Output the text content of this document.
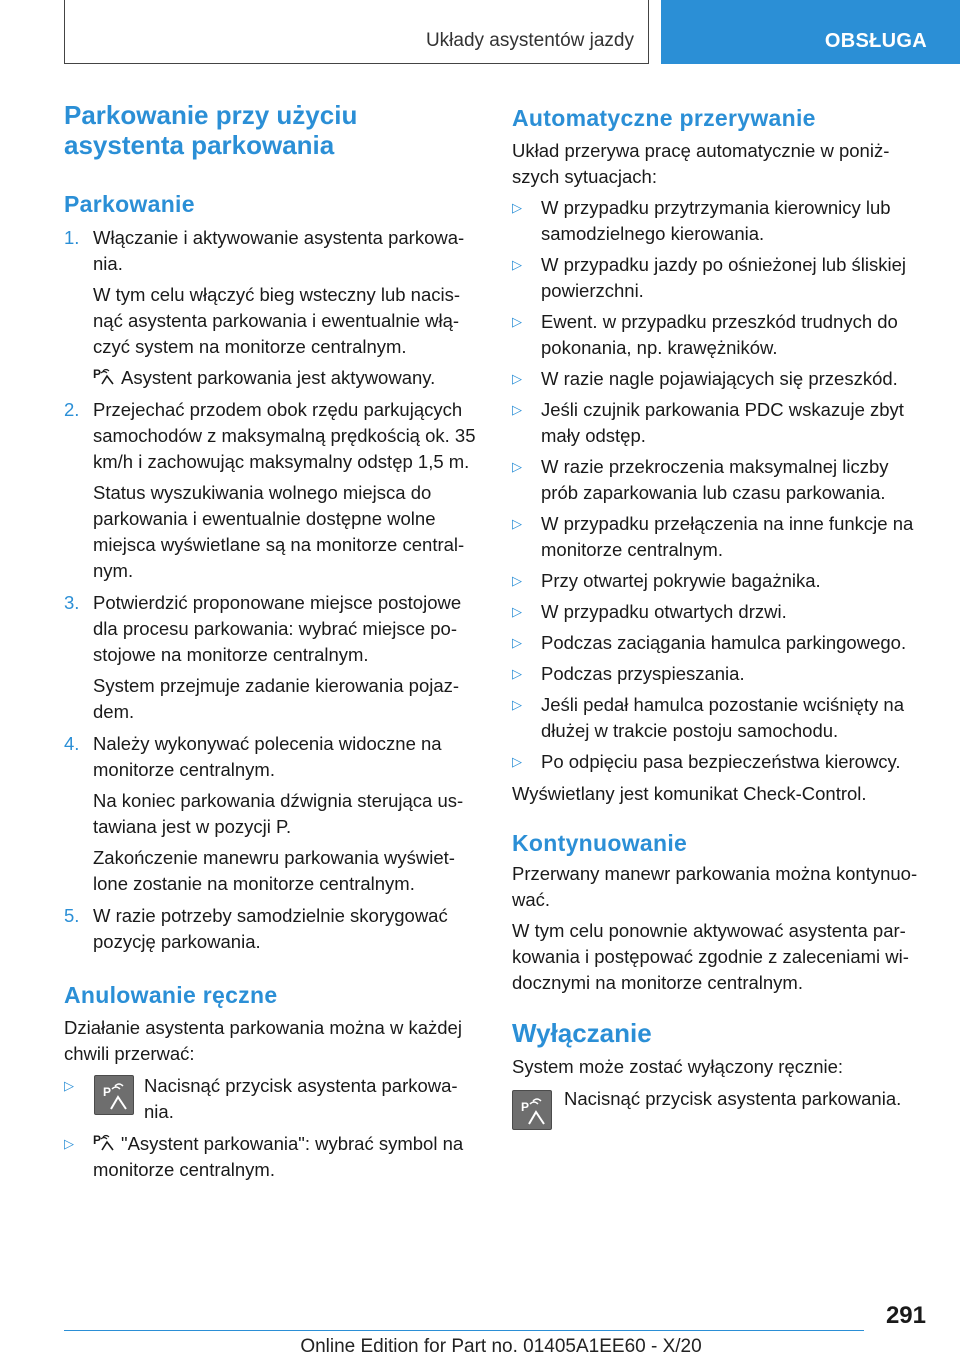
Układy asystentów jazdy	OBSŁUGA
Parkowanie przy użyciu
asystenta parkowania
Parkowanie
1. Włączanie i aktywowanie asystenta parkowa-nia.

W tym celu włączyć bieg wsteczny lub nacis-nąć asystenta parkowania i ewentualnie włą-czyć system na monitorze centralnym.

P Asystent parkowania jest aktywowany.

2. Przejechać przodem obok rzędu parkujących samochodów z maksymalną prędkością ok. 35 km/h i zachowując maksymalny odstęp 1,5 m.

Status wyszukiwania wolnego miejsca do parkowania i ewentualnie dostępne wolne miejsca wyświetlane są na monitorze central-nym.

3. Potwierdzić proponowane miejsce postojowe dla procesu parkowania: wybrać miejsce po-stojowe na monitorze centralnym.

System przejmuje zadanie kierowania pojaz-dem.

4. Należy wykonywać polecenia widoczne na monitorze centralnym.

Na koniec parkowania dźwignia sterująca us-tawiana jest w pozycji P.

Zakończenie manewru parkowania wyświet-lone zostanie na monitorze centralnym.

5. W razie potrzeby samodzielnie skorygować pozycję parkowania.

Anulowanie ręczne

Działanie asystenta parkowania można w każdej chwili przerwać:

▷ P Nacisnąć przycisk asystenta parkowa-nia.
▷ P "Asystent parkowania": wybrać symbol na monitorze centralnym.
Automatyczne przerywanie

Układ przerywa pracę automatycznie w poniż-szych sytuacjach:

▷ W przypadku przytrzymania kierownicy lub samodzielnego kierowania.
▷ W przypadku jazdy po ośnieżonej lub śliskiej powierzchni.
▷ Ewent. w przypadku przeszkód trudnych do pokonania, np. krawężników.
▷ W razie nagle pojawiających się przeszkód.
▷ Jeśli czujnik parkowania PDC wskazuje zbyt mały odstęp.
▷ W razie przekroczenia maksymalnej liczby prób zaparkowania lub czasu parkowania.
▷ W przypadku przełączenia na inne funkcje na monitorze centralnym.
▷ Przy otwartej pokrywie bagażnika.
▷ W przypadku otwartych drzwi.
▷ Podczas zaciągania hamulca parkingowego.
▷ Podczas przyspieszania.
▷ Jeśli pedał hamulca pozostanie wciśnięty na dłużej w trakcie postoju samochodu.
▷ Po odpięciu pasa bezpieczeństwa kierowcy.

Wyświetlany jest komunikat Check-Control.

Kontynuowanie

Przerwany manewr parkowania można kontynuo-wać.

W tym celu ponownie aktywować asystenta par-kowania i postępować zgodnie z zaleceniami wi-docznymi na monitorze centralnym.

Wyłączanie

System może zostać wyłączony ręcznie:

P Nacisnąć przycisk asystenta parkowania.

291
Online Edition for Part no. 01405A1EE60 - X/20
